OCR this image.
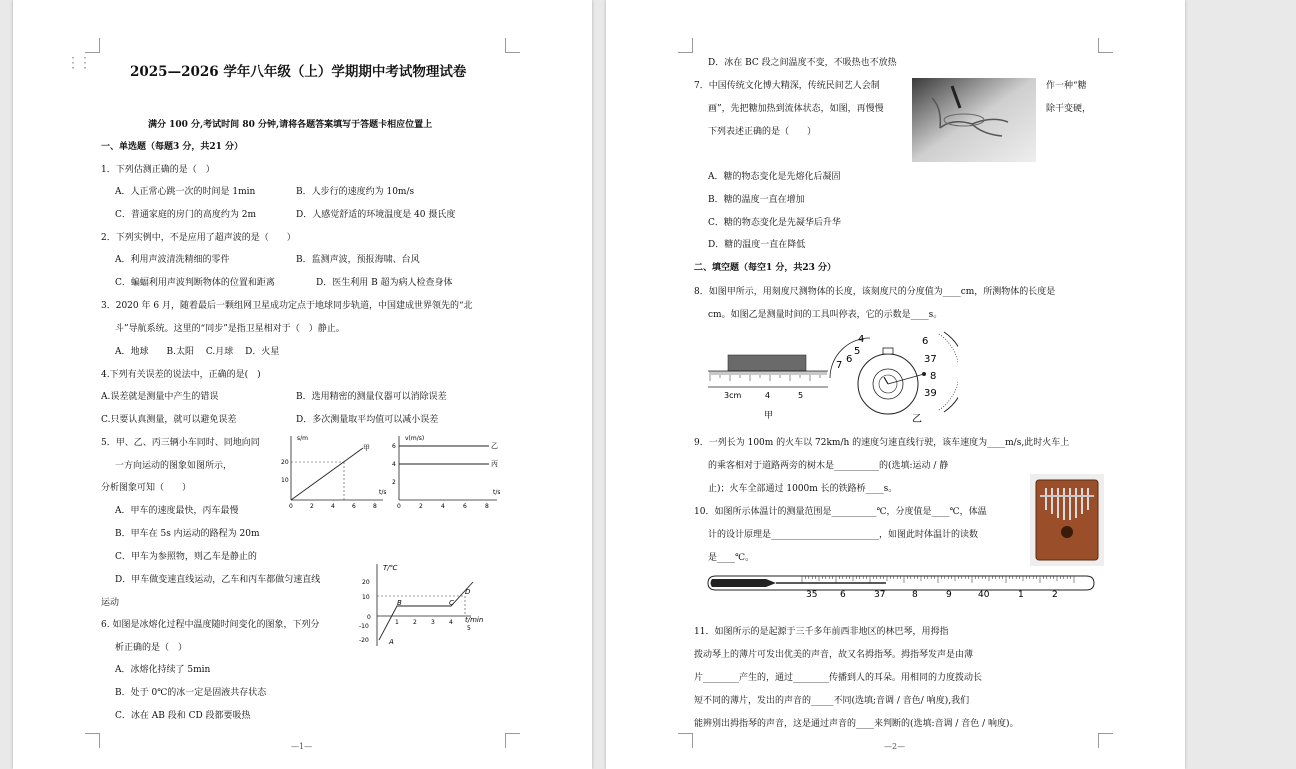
⋮⋮
2025—2026 学年八年级（上）学期期中考试物理试卷
满分 100 分,考试时间 80 分钟,请将各题答案填写于答题卡相应位置上
一、单选题（每题3 分，共21 分）
1．下列估测正确的是（　）
A．人正常心跳一次的时间是 1min	B．人步行的速度约为 10m/s
C．普通家庭的房门的高度约为 2m	D．人感觉舒适的环境温度是 40 摄氏度
2．下列实例中，不是应用了超声波的是（　　）
A．利用声波清洗精细的零件	B．监测声波，预报海啸、台风
C．蝙蝠利用声波判断物体的位置和距离	D．医生利用 B 超为病人检查身体
3．2020 年 6 月，随着最后一颗组网卫星成功定点于地球同步轨道，中国建成世界领先的“北
斗”导航系统。这里的“同步”是指卫星相对于（　）静止。
A．地球　　B.太阳　 C.月球　 D．火星
4.下列有关误差的说法中，正确的是(　)
A.误差就是测量中产生的错误	B．选用精密的测量仪器可以消除误差
C.只要认真测量，就可以避免误差	D．多次测量取平均值可以减小误差
5．甲、乙、丙三辆小车同时、同地向同
一方向运动的图象如图所示，
分析图象可知（　　）
A．甲车的速度最快，丙车最慢
B．甲车在 5s 内运动的路程为 20m
C．甲车为参照物，则乙车是静止的
D．甲车做变速直线运动，乙车和丙车都做匀速直线
运动
6. 如图是冰熔化过程中温度随时间变化的图象，下列分
析正确的是（　）
A．冰熔化持续了 5min
B．处于 0℃的冰一定是固液共存状态
C．冰在 AB 段和 CD 段都要吸热
—1—
s/m
t/s
20
10
0	2	4	6	8
甲
v(m/s)
t/s
6
4
2
0	2	4	6	8
乙
丙
T/℃
t/min
20
10
0
-10
-20
1 2 3 4
5
A
B	C
D
D．冰在 BC 段之间温度不变，不吸热也不放热
7．中国传统文化博大精深，传统民间艺人会制	作一种“糖
画”，先把糖加热到流体状态，如图，再慢慢	除干变硬，
下列表述正确的是（　　）
A．糖的物态变化是先熔化后凝固
B．糖的温度一直在增加
C．糖的物态变化是先凝华后升华
D．糖的温度一直在降低
二、填空题（每空1 分，共23 分）
8．如图甲所示，用刻度尺测物体的长度，该刻度尺的分度值为____cm，所测物体的长度是
cm。如图乙是测量时间的工具叫停表，它的示数是____s。
3cm	4	5
甲
6
37
8
39
4
5
6
7
乙
9．一列长为 100m 的火车以 72km/h 的速度匀速直线行驶，该车速度为____m/s,此时火车上
的乘客相对于道路两旁的树木是__________的(选填:运动 / 静
止)；火车全部通过 1000m 长的铁路桥____s。
10．如图所示体温计的测量范围是__________℃，分度值是____℃，体温
计的设计原理是________________________，如图此时体温计的读数
是____℃。
35	6	37	8	9	40	1	2
11．如图所示的是起源于三千多年前西非地区的林巴琴，用拇指
拨动琴上的薄片可发出优美的声音，故又名拇指琴。拇指琴发声是由薄
片________产生的，通过________传播到人的耳朵。用相同的力度拨动长
短不同的薄片，发出的声音的_____不同(选填;音调 / 音色/ 响度),我们
能辨别出拇指琴的声音，这是通过声音的____来判断的(选填:音调 / 音色 / 响度)。
—2—
